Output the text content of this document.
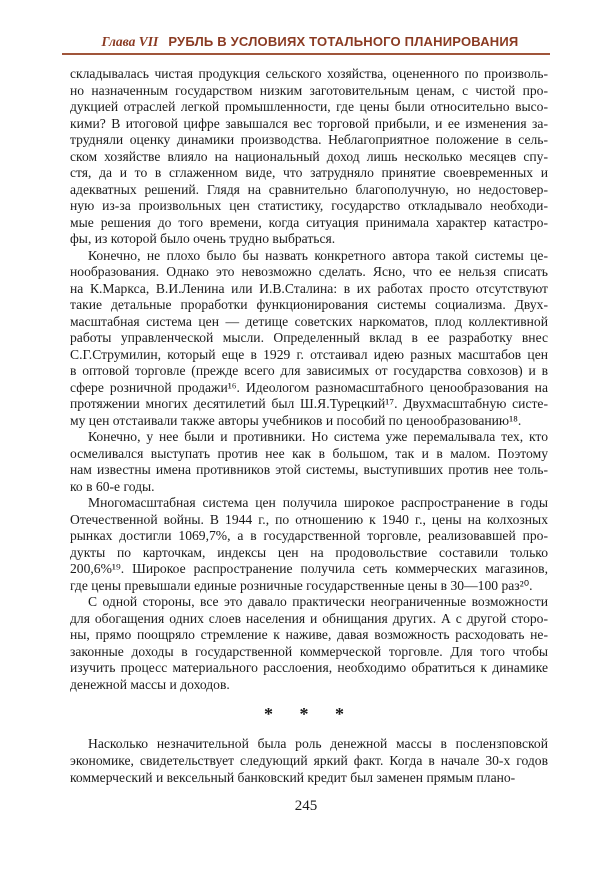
Глава VII РУБЛЬ В УСЛОВИЯХ ТОТАЛЬНОГО ПЛАНИРОВАНИЯ
складывалась чистая продукция сельского хозяйства, оцененного по произволь-
но назначенным государством низким заготовительным ценам, с чистой про-
дукцией отраслей легкой промышленности, где цены были относительно высо-
кими? В итоговой цифре завышался вес торговой прибыли, и ее изменения за-
трудняли оценку динамики производства. Неблагоприятное положение в сель-
ском хозяйстве влияло на национальный доход лишь несколько месяцев спу-
стя, да и то в сглаженном виде, что затрудняло принятие своевременных и
адекватных решений. Глядя на сравнительно благополучную, но недостовер-
ную из-за произвольных цен статистику, государство откладывало необходи-
мые решения до того времени, когда ситуация принимала характер катастро-
фы, из которой было очень трудно выбраться.
Конечно, не плохо было бы назвать конкретного автора такой системы це-
нообразования. Однако это невозможно сделать. Ясно, что ее нельзя списать
на К.Маркса, В.И.Ленина или И.В.Сталина: в их работах просто отсутствуют
такие детальные проработки функционирования системы социализма. Двух-
масштабная система цен — детище советских наркоматов, плод коллективной
работы управленческой мысли. Определенный вклад в ее разработку внес
С.Г.Струмилин, который еще в 1929 г. отстаивал идею разных масштабов цен
в оптовой торговле (прежде всего для зависимых от государства совхозов) и в
сфере розничной продажи¹⁶. Идеологом разномасштабного ценообразования на
протяжении многих десятилетий был Ш.Я.Турецкий¹⁷. Двухмасштабную систе-
му цен отстаивали также авторы учебников и пособий по ценообразованию¹⁸.
Конечно, у нее были и противники. Но система уже перемалывала тех, кто
осмеливался выступать против нее как в большом, так и в малом. Поэтому
нам известны имена противников этой системы, выступивших против нее толь-
ко в 60-е годы.
Многомасштабная система цен получила широкое распространение в годы
Отечественной войны. В 1944 г., по отношению к 1940 г., цены на колхозных
рынках достигли 1069,7%, а в государственной торговле, реализовавшей про-
дукты по карточкам, индексы цен на продовольствие составили только
200,6%¹⁹. Широкое распространение получила сеть коммерческих магазинов,
где цены превышали единые розничные государственные цены в 30—100 раз²⁰.
С одной стороны, все это давало практически неограниченные возможности
для обогащения одних слоев населения и обнищания других. А с другой сторо-
ны, прямо поощряло стремление к наживе, давая возможность расходовать не-
законные доходы в государственной коммерческой торговле. Для того чтобы
изучить процесс материального расслоения, необходимо обратиться к динамике
денежной массы и доходов.
* * *
Насколько незначительной была роль денежной массы в послензповской
экономике, свидетельствует следующий яркий факт. Когда в начале 30-х годов
коммерческий и вексельный банковский кредит был заменен прямым плано-
245
